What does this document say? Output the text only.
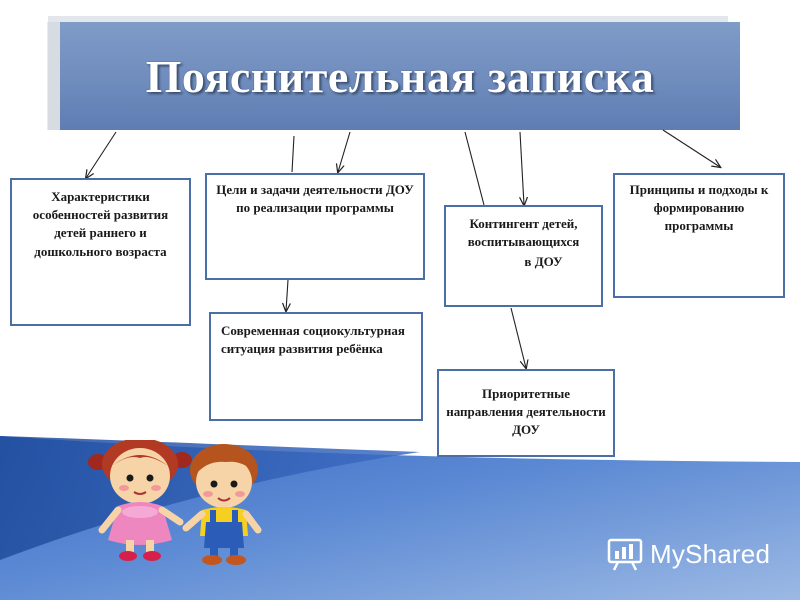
Пояснительная записка
Характеристики особенностей развития детей раннего и дошкольного возраста
Цели и задачи деятельности ДОУ по реализации программы
Современная социокультурная ситуация развития ребёнка
Контингент детей,
воспитывающихся
в ДОУ
Приоритетные направления деятельности ДОУ
Принципы и подходы к формированию программы
MyShared
